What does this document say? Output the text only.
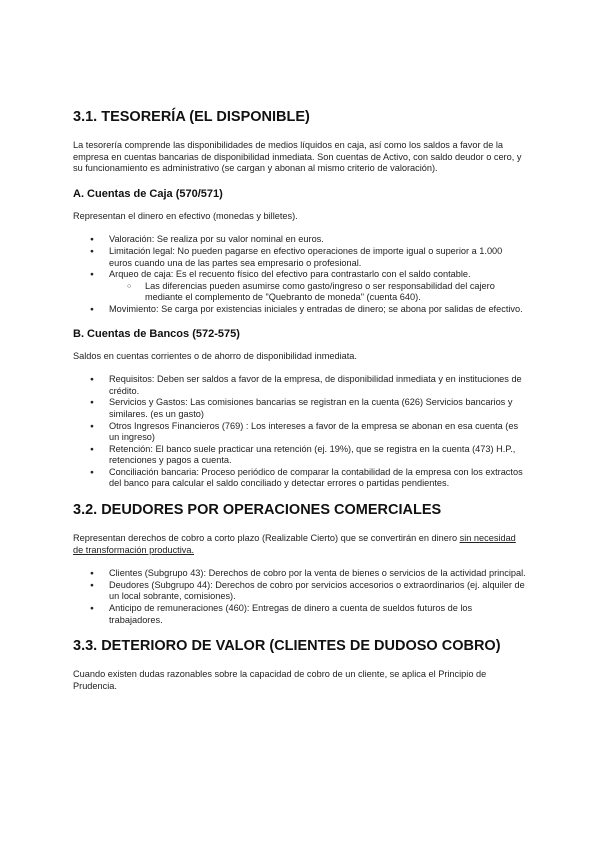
3.1. TESORERÍA (EL DISPONIBLE)

La tesorería comprende las disponibilidades de medios líquidos en caja, así como los saldos a favor de la empresa en cuentas bancarias de disponibilidad inmediata. Son cuentas de Activo, con saldo deudor o cero, y su funcionamiento es administrativo (se cargan y abonan al mismo criterio de valoración).

A. Cuentas de Caja (570/571)

Representan el dinero en efectivo (monedas y billetes).

● Valoración: Se realiza por su valor nominal en euros.
● Limitación legal: No pueden pagarse en efectivo operaciones de importe igual o superior a 1.000 euros cuando una de las partes sea empresario o profesional.
● Arqueo de caja: Es el recuento físico del efectivo para contrastarlo con el saldo contable.
○ Las diferencias pueden asumirse como gasto/ingreso o ser responsabilidad del cajero mediante el complemento de "Quebranto de moneda" (cuenta 640).
● Movimiento: Se carga por existencias iniciales y entradas de dinero; se abona por salidas de efectivo.
B. Cuentas de Bancos (572-575)

Saldos en cuentas corrientes o de ahorro de disponibilidad inmediata.

● Requisitos: Deben ser saldos a favor de la empresa, de disponibilidad inmediata y en instituciones de crédito.
● Servicios y Gastos: Las comisiones bancarias se registran en la cuenta (626) Servicios bancarios y similares. (es un gasto)
● Otros Ingresos Financieros (769) : Los intereses a favor de la empresa se abonan en esa cuenta (es un ingreso)
● Retención: El banco suele practicar una retención (ej. 19%), que se registra en la cuenta (473) H.P., retenciones y pagos a cuenta.
● Conciliación bancaria: Proceso periódico de comparar la contabilidad de la empresa con los extractos del banco para calcular el saldo conciliado y detectar errores o partidas pendientes.
3.2. DEUDORES POR OPERACIONES COMERCIALES

Representan derechos de cobro a corto plazo (Realizable Cierto) que se convertirán en dinero sin necesidad de transformación productiva.

● Clientes (Subgrupo 43): Derechos de cobro por la venta de bienes o servicios de la actividad principal.
● Deudores (Subgrupo 44): Derechos de cobro por servicios accesorios o extraordinarios (ej. alquiler de un local sobrante, comisiones).
● Anticipo de remuneraciones (460): Entregas de dinero a cuenta de sueldos futuros de los trabajadores.
3.3. DETERIORO DE VALOR (CLIENTES DE DUDOSO COBRO)

Cuando existen dudas razonables sobre la capacidad de cobro de un cliente, se aplica el Principio de Prudencia.
